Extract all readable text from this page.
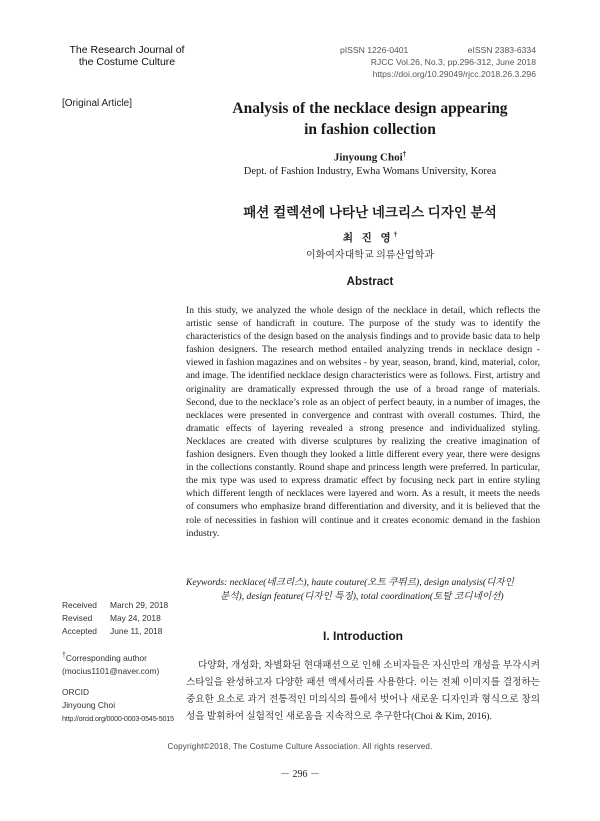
The Research Journal of
the Costume Culture
pISSN 1226-0401	eISSN 2383-6334
RJCC Vol.26, No.3, pp.296-312, June 2018
https://doi.org/10.29049/rjcc.2018.26.3.296
[Original Article]	Analysis of the necklace design appearing
in fashion collection
Jinyoung Choi†
Dept. of Fashion Industry, Ewha Womans University, Korea
패션 컬렉션에 나타난 네크리스 디자인 분석
최 진 영†
이화여자대학교 의류산업학과
Abstract

In this study, we analyzed the whole design of the necklace in detail, which reflects the artistic sense of handicraft in couture. The purpose of the study was to identify the characteristics of the design based on the analysis findings and to provide basic data to help fashion designers. The research method entailed analyzing trends in necklace design - viewed in fashion magazines and on websites - by year, season, brand, kind, material, color, and image. The identified necklace design characteristics were as follows. First, artistry and originality are dramatically expressed through the use of a broad range of materials. Second, due to the necklace’s role as an object of perfect beauty, in a number of images, the necklaces were presented in convergence and contrast with overall costumes. Third, the dramatic effects of layering revealed a strong presence and individualized styling. Necklaces are created with diverse sculptures by realizing the creative imagination of fashion designers. Even though they looked a little different every year, there were designs in the collections constantly. Round shape and princess length were preferred. In particular, the mix type was used to express dramatic effect by focusing neck part in entire styling which different length of necklaces were layered and worn. As a result, it meets the needs of consumers who emphasize brand differentiation and diversity, and it is believed that the role of necessities in fashion will continue and it creates economic demand in the fashion industry.

Keywords: necklace(네크리스), haute couture(오트 쿠뛰르), design analysis(디자인
분석), design feature(디자인 특징), total coordination(토탈 코디네이션)
Received March 29, 2018
Revised May 24, 2018
Accepted June 11, 2018
†Corresponding author
(mocius1101@naver.com)
ORCID
Jinyoung Choi
http://orcid.org/0000-0003-0545-5015
I. Introduction

다양화, 개성화, 차별화된 현대패션으로 인해 소비자들은 자신만의 개성을 부각시켜 스타일을 완성하고자 다양한 패션 액세서리를 사용한다. 이는 전체 이미지를 결정하는 중요한 요소로 과거 전통적인 미의식의 틀에서 벗어나 새로운 디자인과 형식으로 창의성을 발휘하여 실험적인 새로움을 지속적으로 추구한다(Choi & Kim, 2016).

Copyright©2018, The Costume Culture Association. All rights reserved.
－ 296 －
